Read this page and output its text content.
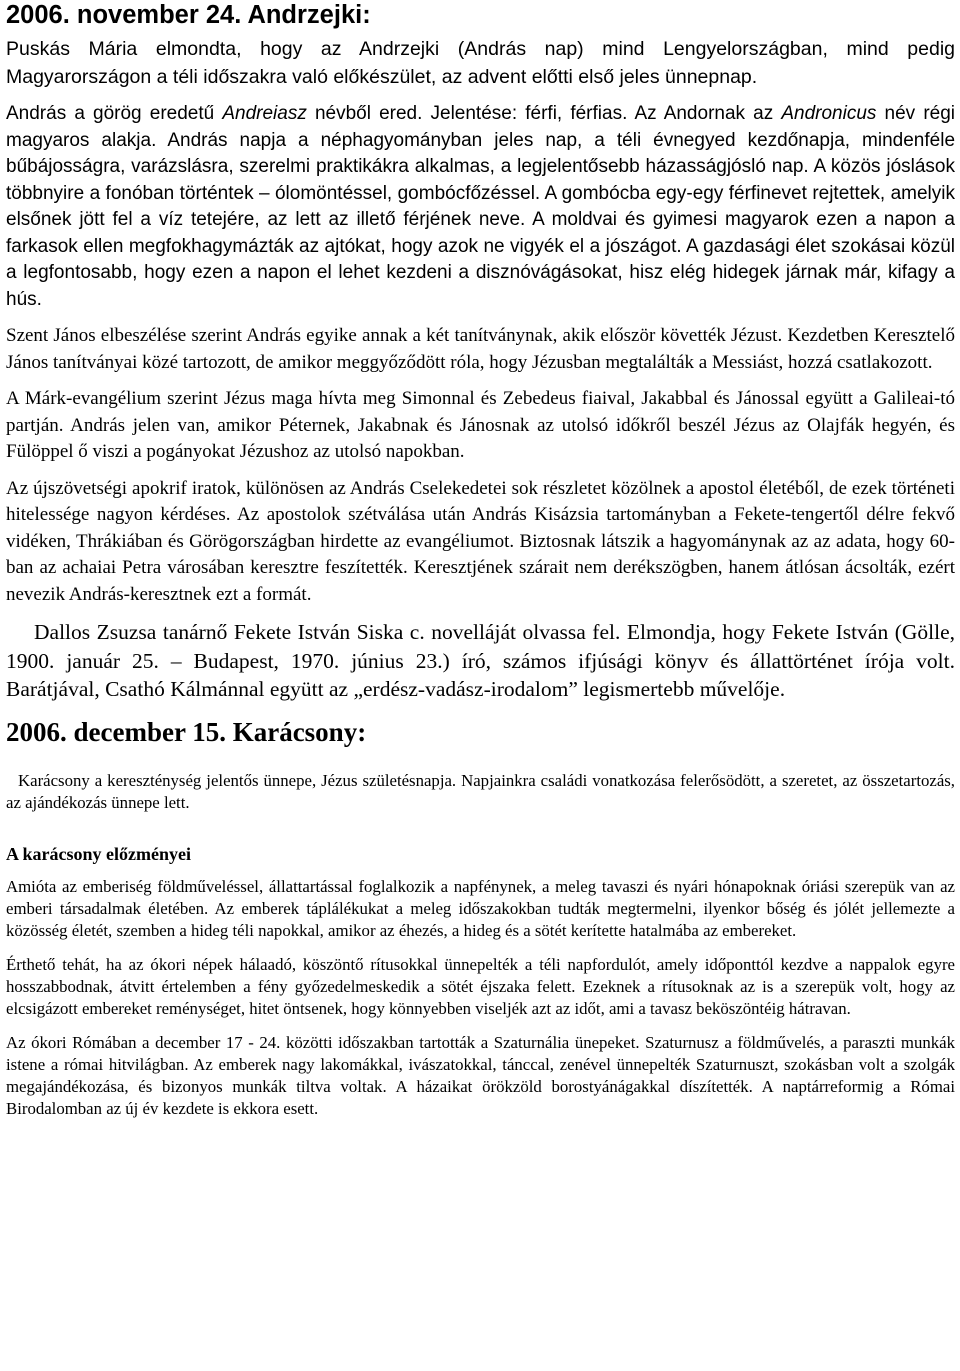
2006. november 24. Andrzejki:

Puskás Mária elmondta, hogy az Andrzejki (András nap) mind Lengyelországban, mind pedig Magyarországon a téli időszakra való előkészület, az advent előtti első jeles ünnepnap.

András a görög eredetű Andreiasz névből ered. Jelentése: férfi, férfias. Az Andornak az Andronicus név régi magyaros alakja. András napja a néphagyományban jeles nap, a téli évnegyed kezdőnapja, mindenféle bűbájosságra, varázslásra, szerelmi praktikákra alkalmas, a legjelentősebb házasságjósló nap. A közös jóslások többnyire a fonóban történtek – ólomöntéssel, gombócfőzéssel. A gombócba egy-egy férfinevet rejtettek, amelyik elsőnek jött fel a víz tetejére, az lett az illető férjének neve. A moldvai és gyimesi magyarok ezen a napon a farkasok ellen megfokhagymázták az ajtókat, hogy azok ne vigyék el a jószágot. A gazdasági élet szokásai közül a legfontosabb, hogy ezen a napon el lehet kezdeni a disznóvágásokat, hisz elég hidegek járnak már, kifagy a hús.

Szent János elbeszélése szerint András egyike annak a két tanítványnak, akik először követték Jézust. Kezdetben Keresztelő János tanítványai közé tartozott, de amikor meggyőződött róla, hogy Jézusban megtalálták a Messiást, hozzá csatlakozott.

A Márk-evangélium szerint Jézus maga hívta meg Simonnal és Zebedeus fiaival, Jakabbal és Jánossal együtt a Galileai-tó partján. András jelen van, amikor Péternek, Jakabnak és Jánosnak az utolsó időkről beszél Jézus az Olajfák hegyén, és Fülöppel ő viszi a pogányokat Jézushoz az utolsó napokban.

Az újszövetségi apokrif iratok, különösen az András Cselekedetei sok részletet közölnek a apostol életéből, de ezek történeti hitelessége nagyon kérdéses. Az apostolok szétválása után András Kisázsia tartományban a Fekete-tengertől délre fekvő vidéken, Thrákiában és Görögországban hirdette az evangéliumot. Biztosnak látszik a hagyománynak az az adata, hogy 60-ban az achaiai Petra városában keresztre feszítették. Keresztjének szárait nem derékszögben, hanem átlósan ácsolták, ezért nevezik András-keresztnek ezt a formát.

Dallos Zsuzsa tanárnő Fekete István Siska c. novelláját olvassa fel. Elmondja, hogy Fekete István (Gölle, 1900. január 25. – Budapest, 1970. június 23.) író, számos ifjúsági könyv és állattörténet írója volt. Barátjával, Csathó Kálmánnal együtt az „erdész-vadász-irodalom” legismertebb művelője.

2006. december 15. Karácsony:

Karácsony a kereszténység jelentős ünnepe, Jézus születésnapja. Napjainkra családi vonatkozása felerősödött, a szeretet, az összetartozás, az ajándékozás ünnepe lett.

A karácsony előzményei

Amióta az emberiség földműveléssel, állattartással foglalkozik a napfénynek, a meleg tavaszi és nyári hónapoknak óriási szerepük van az emberi társadalmak életében. Az emberek táplálékukat a meleg időszakokban tudták megtermelni, ilyenkor bőség és jólét jellemezte a közösség életét, szemben a hideg téli napokkal, amikor az éhezés, a hideg és a sötét kerítette hatalmába az embereket.

Érthető tehát, ha az ókori népek hálaadó, köszöntő rítusokkal ünnepelték a téli napfordulót, amely időponttól kezdve a nappalok egyre hosszabbodnak, átvitt értelemben a fény győzedelmeskedik a sötét éjszaka felett. Ezeknek a rítusoknak az is a szerepük volt, hogy az elcsigázott embereket reménységet, hitet öntsenek, hogy könnyebben viseljék azt az időt, ami a tavasz beköszöntéig hátravan.

Az ókori Rómában a december 17 - 24. közötti időszakban tartották a Szaturnália ünepeket. Szaturnusz a földművelés, a paraszti munkák istene a római hitvilágban. Az emberek nagy lakomákkal, ivászatokkal, tánccal, zenével ünnepelték Szaturnuszt, szokásban volt a szolgák megajándékozása, és bizonyos munkák tiltva voltak. A házaikat örökzöld borostyánágakkal díszítették. A naptárreformig a Római Birodalomban az új év kezdete is ekkora esett.
